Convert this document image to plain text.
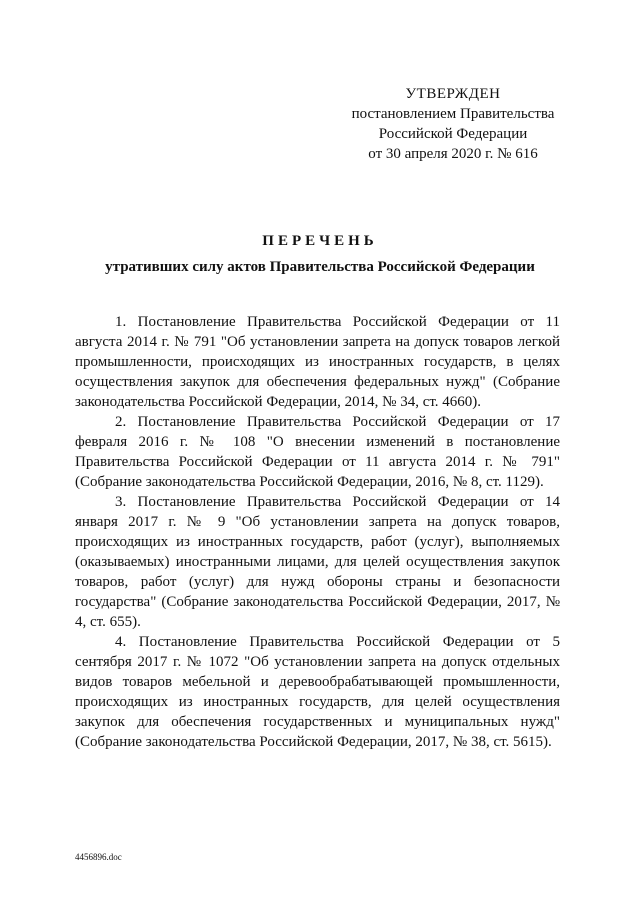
УТВЕРЖДЕН
постановлением Правительства
Российской Федерации
от 30 апреля 2020 г. № 616
ПЕРЕЧЕНЬ
утративших силу актов Правительства Российской Федерации

1. Постановление Правительства Российской Федерации от 11 августа 2014 г. № 791 "Об установлении запрета на допуск товаров легкой промышленности, происходящих из иностранных государств, в целях осуществления закупок для обеспечения федеральных нужд" (Собрание законодательства Российской Федерации, 2014, № 34, ст. 4660).

2. Постановление Правительства Российской Федерации от 17 февраля 2016 г. № 108 "О внесении изменений в постановление Правительства Российской Федерации от 11 августа 2014 г. № 791" (Собрание законодательства Российской Федерации, 2016, № 8, ст. 1129).

3. Постановление Правительства Российской Федерации от 14 января 2017 г. № 9 "Об установлении запрета на допуск товаров, происходящих из иностранных государств, работ (услуг), выполняемых (оказываемых) иностранными лицами, для целей осуществления закупок товаров, работ (услуг) для нужд обороны страны и безопасности государства" (Собрание законодательства Российской Федерации, 2017, № 4, ст. 655).

4. Постановление Правительства Российской Федерации от 5 сентября 2017 г. № 1072 "Об установлении запрета на допуск отдельных видов товаров мебельной и деревообрабатывающей промышленности, происходящих из иностранных государств, для целей осуществления закупок для обеспечения государственных и муниципальных нужд" (Собрание законодательства Российской Федерации, 2017, № 38, ст. 5615).

4456896.doc
